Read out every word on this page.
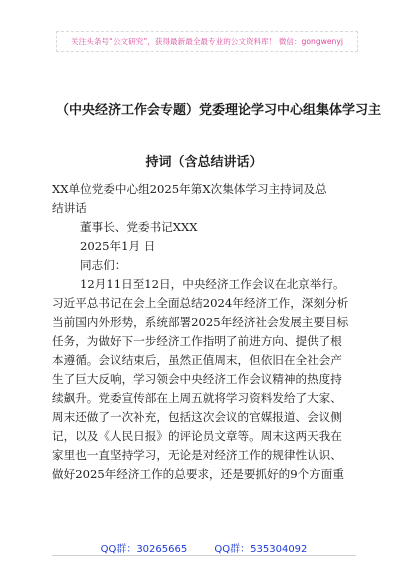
关注头条号“公文研究”，获得最新最全最专业的公文资料库！ 微信：gongwenyj
（中央经济工作会专题）党委理论学习中心组集体学习主
持词（含总结讲话）
XX单位党委中心组2025年第X次集体学习主持词及总
结讲话
董事长、党委书记XXX
2025年1月 日
同志们：
12月11日至12日，中央经济工作会议在北京举行。
习近平总书记在会上全面总结2024年经济工作，深刻分析
当前国内外形势，系统部署2025年经济社会发展主要目标
任务，为做好下一步经济工作指明了前进方向、提供了根
本遵循。会议结束后，虽然正值周末，但依旧在全社会产
生了巨大反响，学习领会中央经济工作会议精神的热度持
续飙升。党委宣传部在上周五就将学习资料发给了大家、
周末还做了一次补充，包括这次会议的官媒报道、会议侧
记，以及《人民日报》的评论员文章等。周末这两天我在
家里也一直坚持学习，无论是对经济工作的规律性认识、
做好2025年经济工作的总要求，还是要抓好的9个方面重
QQ群：30265665	QQ群：535304092
